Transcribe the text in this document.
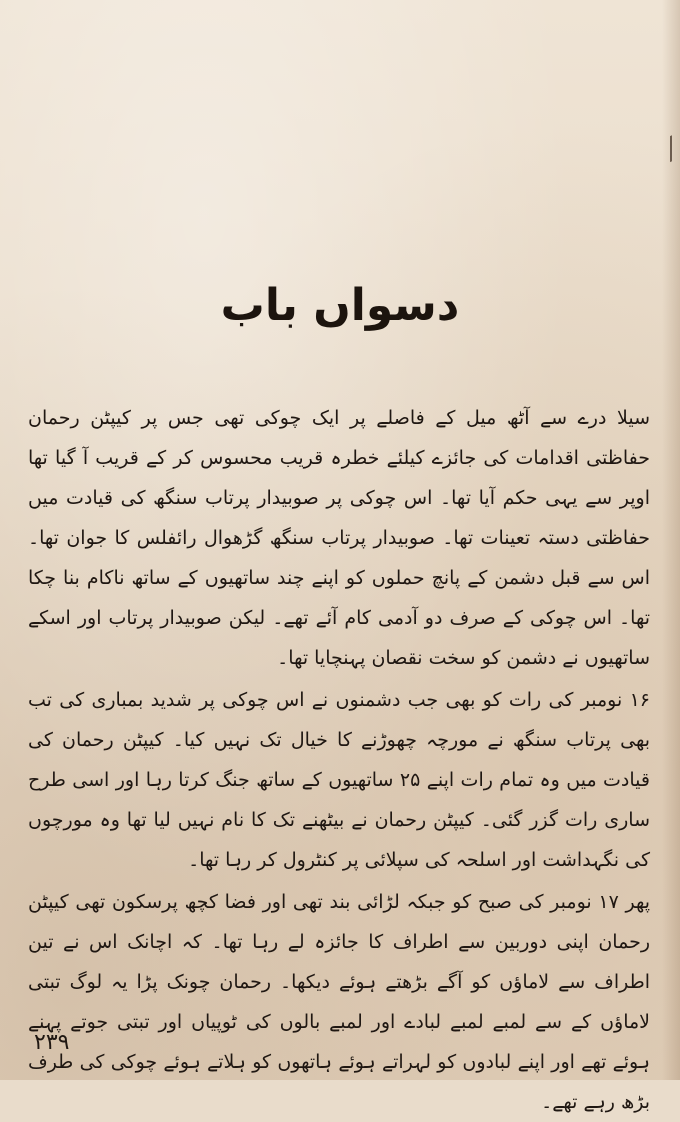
دسواں باب

سیلا درے سے آٹھ میل کے فاصلے پر ایک چوکی تھی جس پر کیپٹن رحمان حفاظتی اقدامات کی جائزے کیلئے خطرہ قریب محسوس کر کے قریب آ گیا تھا اوپر سے یہی حکم آیا تھا۔ اس چوکی پر صوبیدار پرتاب سنگھ کی قیادت میں حفاظتی دستہ تعینات تھا۔ صوبیدار پرتاب سنگھ گڑھوال رائفلس کا جوان تھا۔ اس سے قبل دشمن کے پانچ حملوں کو اپنے چند ساتھیوں کے ساتھ ناکام بنا چکا تھا۔ اس چوکی کے صرف دو آدمی کام آئے تھے۔ لیکن صوبیدار پرتاب اور اسکے ساتھیوں نے دشمن کو سخت نقصان پہنچایا تھا۔

۱۶ نومبر کی رات کو بھی جب دشمنوں نے اس چوکی پر شدید بمباری کی تب بھی پرتاب سنگھ نے مورچہ چھوڑنے کا خیال تک نہیں کیا۔ کیپٹن رحمان کی قیادت میں وہ تمام رات اپنے ۲۵ ساتھیوں کے ساتھ جنگ کرتا رہا اور اسی طرح ساری رات گزر گئی۔ کیپٹن رحمان نے بیٹھنے تک کا نام نہیں لیا تھا وہ مورچوں کی نگہداشت اور اسلحہ کی سپلائی پر کنٹرول کر رہا تھا۔

پھر ۱۷ نومبر کی صبح کو جبکہ لڑائی بند تھی اور فضا کچھ پرسکون تھی کیپٹن رحمان اپنی دوربین سے اطراف کا جائزہ لے رہا تھا۔ کہ اچانک اس نے تین اطراف سے لاماؤں کو آگے بڑھتے ہوئے دیکھا۔ رحمان چونک پڑا یہ لوگ تبتی لاماؤں کے سے لمبے لمبے لبادے اور لمبے بالوں کی ٹوپیاں اور تبتی جوتے پہنے ہوئے تھے اور اپنے لبادوں کو لہراتے ہوئے ہاتھوں کو ہلاتے ہوئے چوکی کی طرف بڑھ رہے تھے۔

۲۳۹
